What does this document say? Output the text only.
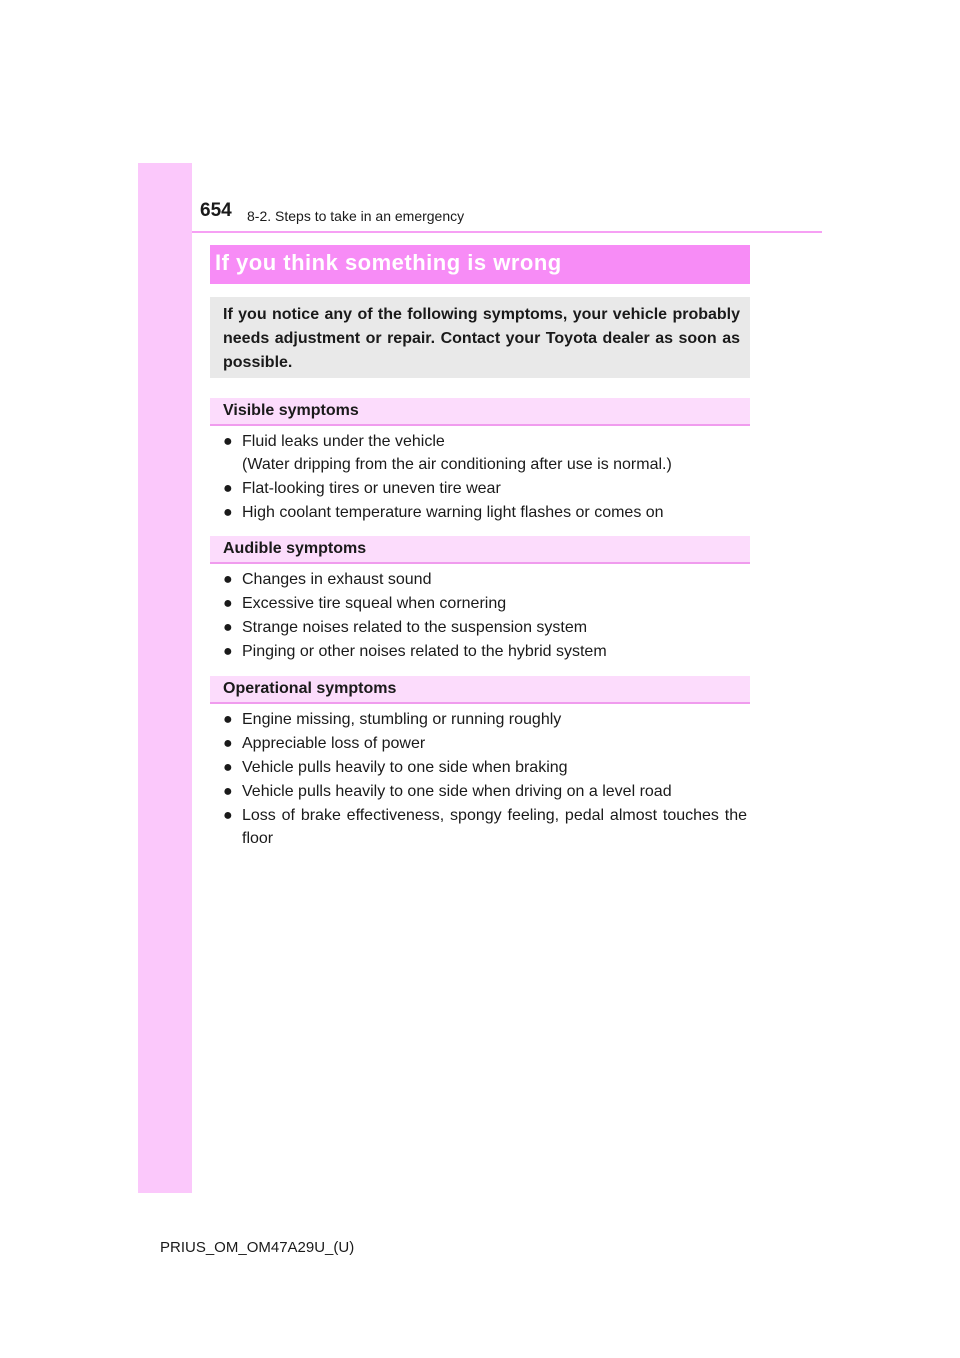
654 8-2. Steps to take in an emergency
If you think something is wrong
If you notice any of the following symptoms, your vehicle probably needs adjustment or repair. Contact your Toyota dealer as soon as possible.
Visible symptoms
● Fluid leaks under the vehicle
(Water dripping from the air conditioning after use is normal.)
● Flat-looking tires or uneven tire wear
● High coolant temperature warning light flashes or comes on
Audible symptoms
● Changes in exhaust sound
● Excessive tire squeal when cornering
● Strange noises related to the suspension system
● Pinging or other noises related to the hybrid system
Operational symptoms
● Engine missing, stumbling or running roughly
● Appreciable loss of power
● Vehicle pulls heavily to one side when braking
● Vehicle pulls heavily to one side when driving on a level road
● Loss of brake effectiveness, spongy feeling, pedal almost touches the floor
PRIUS_OM_OM47A29U_(U)
